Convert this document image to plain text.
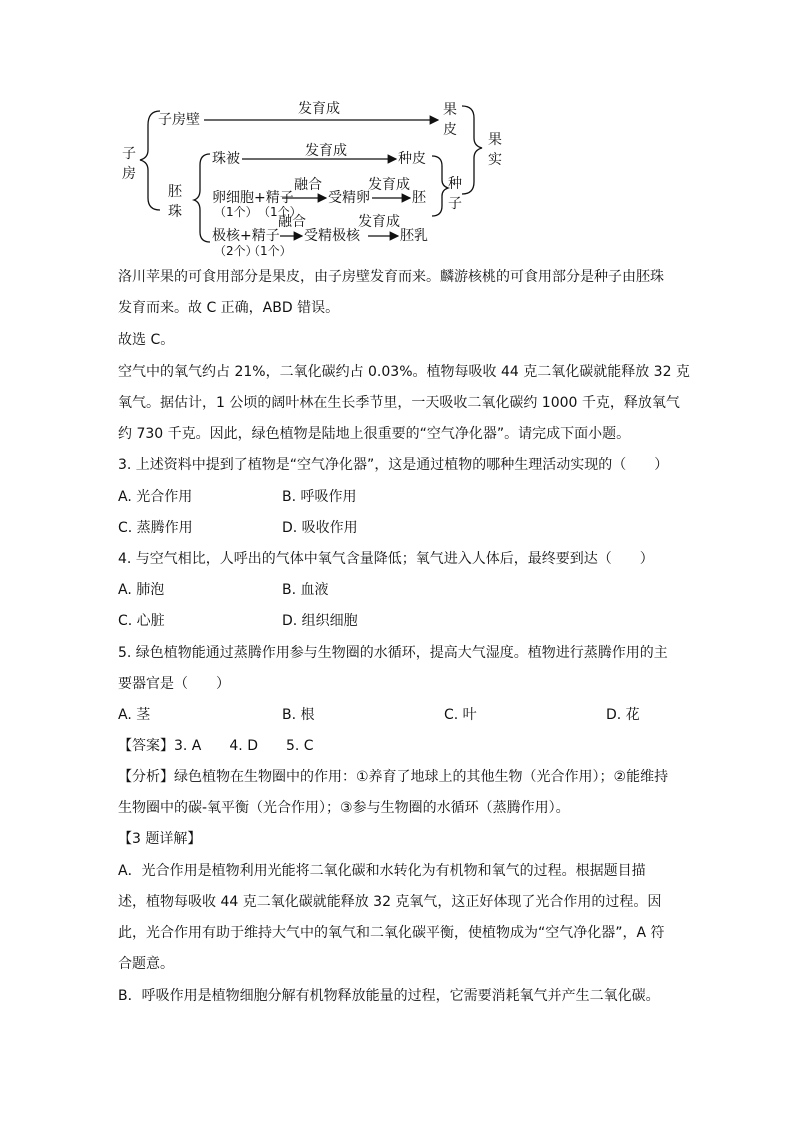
子
房
子房壁
发育成	果
皮
果
实
胚
珠
珠被	发育成	种皮
卵细胞+精子
（1个） （1个）
融合
受精卵
发育成
胚
种
子
极核+精子
（2个）
（1个）
融合
受精极核
发育成
胚乳
洛川苹果的可食用部分是果皮，由子房壁发育而来。麟游核桃的可食用部分是种子由胚珠
发育而来。故 C 正确，ABD 错误。
故选 C。
空气中的氧气约占 21%，二氧化碳约占 0.03%。植物每吸收 44 克二氧化碳就能释放 32 克
氧气。据估计，1 公顷的阔叶林在生长季节里，一天吸收二氧化碳约 1000 千克，释放氧气
约 730 千克。因此，绿色植物是陆地上很重要的“空气净化器”。请完成下面小题。
3. 上述资料中提到了植物是“空气净化器”，这是通过植物的哪种生理活动实现的（　　）
A. 光合作用	B. 呼吸作用
C. 蒸腾作用	D. 吸收作用
4. 与空气相比，人呼出的气体中氧气含量降低；氧气进入人体后，最终要到达（　　）
A. 肺泡	B. 血液
C. 心脏	D. 组织细胞
5. 绿色植物能通过蒸腾作用参与生物圈的水循环，提高大气湿度。植物进行蒸腾作用的主
要器官是（　　）
A. 茎	B. 根	C. 叶	D. 花
【答案】3. A　　4. D　　5. C
【分析】绿色植物在生物圈中的作用：①养育了地球上的其他生物（光合作用）；②能维持
生物圈中的碳-氧平衡（光合作用）；③参与生物圈的水循环（蒸腾作用）。
【3 题详解】
A．光合作用是植物利用光能将二氧化碳和水转化为有机物和氧气的过程。根据题目描
述，植物每吸收 44 克二氧化碳就能释放 32 克氧气，这正好体现了光合作用的过程。因
此，光合作用有助于维持大气中的氧气和二氧化碳平衡，使植物成为“空气净化器”，A 符
合题意。
B．呼吸作用是植物细胞分解有机物释放能量的过程，它需要消耗氧气并产生二氧化碳。
